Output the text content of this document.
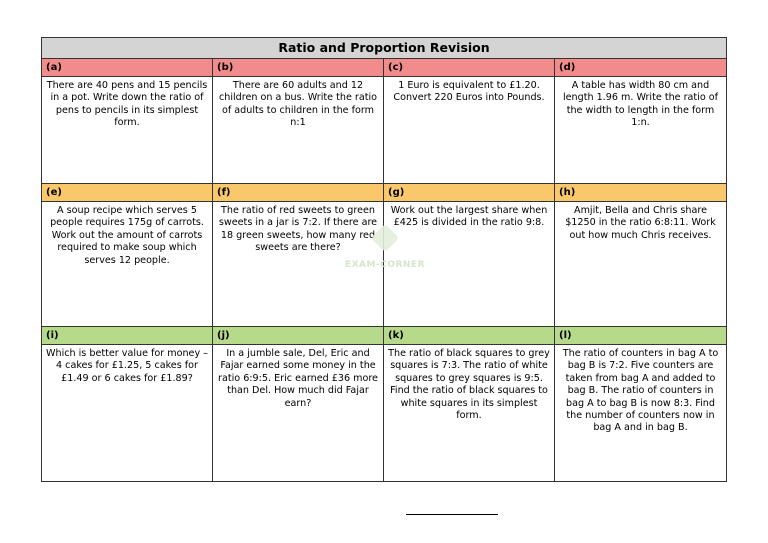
Ratio and Proportion Revision
(a)
There are 40 pens and 15 pencils in a pot. Write down the ratio of pens to pencils in its simplest form.
(b)
There are 60 adults and 12 children on a bus. Write the ratio of adults to children in the form n:1
(c)
1 Euro is equivalent to £1.20. Convert 220 Euros into Pounds.
(d)
A table has width 80 cm and length 1.96 m. Write the ratio of the width to length in the form 1:n.
(e)
A soup recipe which serves 5 people requires 175g of carrots. Work out the amount of carrots required to make soup which serves 12 people.
(f)
The ratio of red sweets to green sweets in a jar is 7:2. If there are 18 green sweets, how many red sweets are there?
(g)
Work out the largest share when £425 is divided in the ratio 9:8.
(h)
Amjit, Bella and Chris share $1250 in the ratio 6:8:11. Work out how much Chris receives.
(i)
Which is better value for money – 4 cakes for £1.25, 5 cakes for £1.49 or 6 cakes for £1.89?
(j)
In a jumble sale, Del, Eric and Fajar earned some money in the ratio 6:9:5. Eric earned £36 more than Del. How much did Fajar earn?
(k)
The ratio of black squares to grey squares is 7:3. The ratio of white squares to grey squares is 9:5. Find the ratio of black squares to white squares in its simplest form.
(l)
The ratio of counters in bag A to bag B is 7:2. Five counters are taken from bag A and added to bag B. The ratio of counters in bag A to bag B is now 8:3. Find the number of counters now in bag A and in bag B.
EXAM-CORNER
